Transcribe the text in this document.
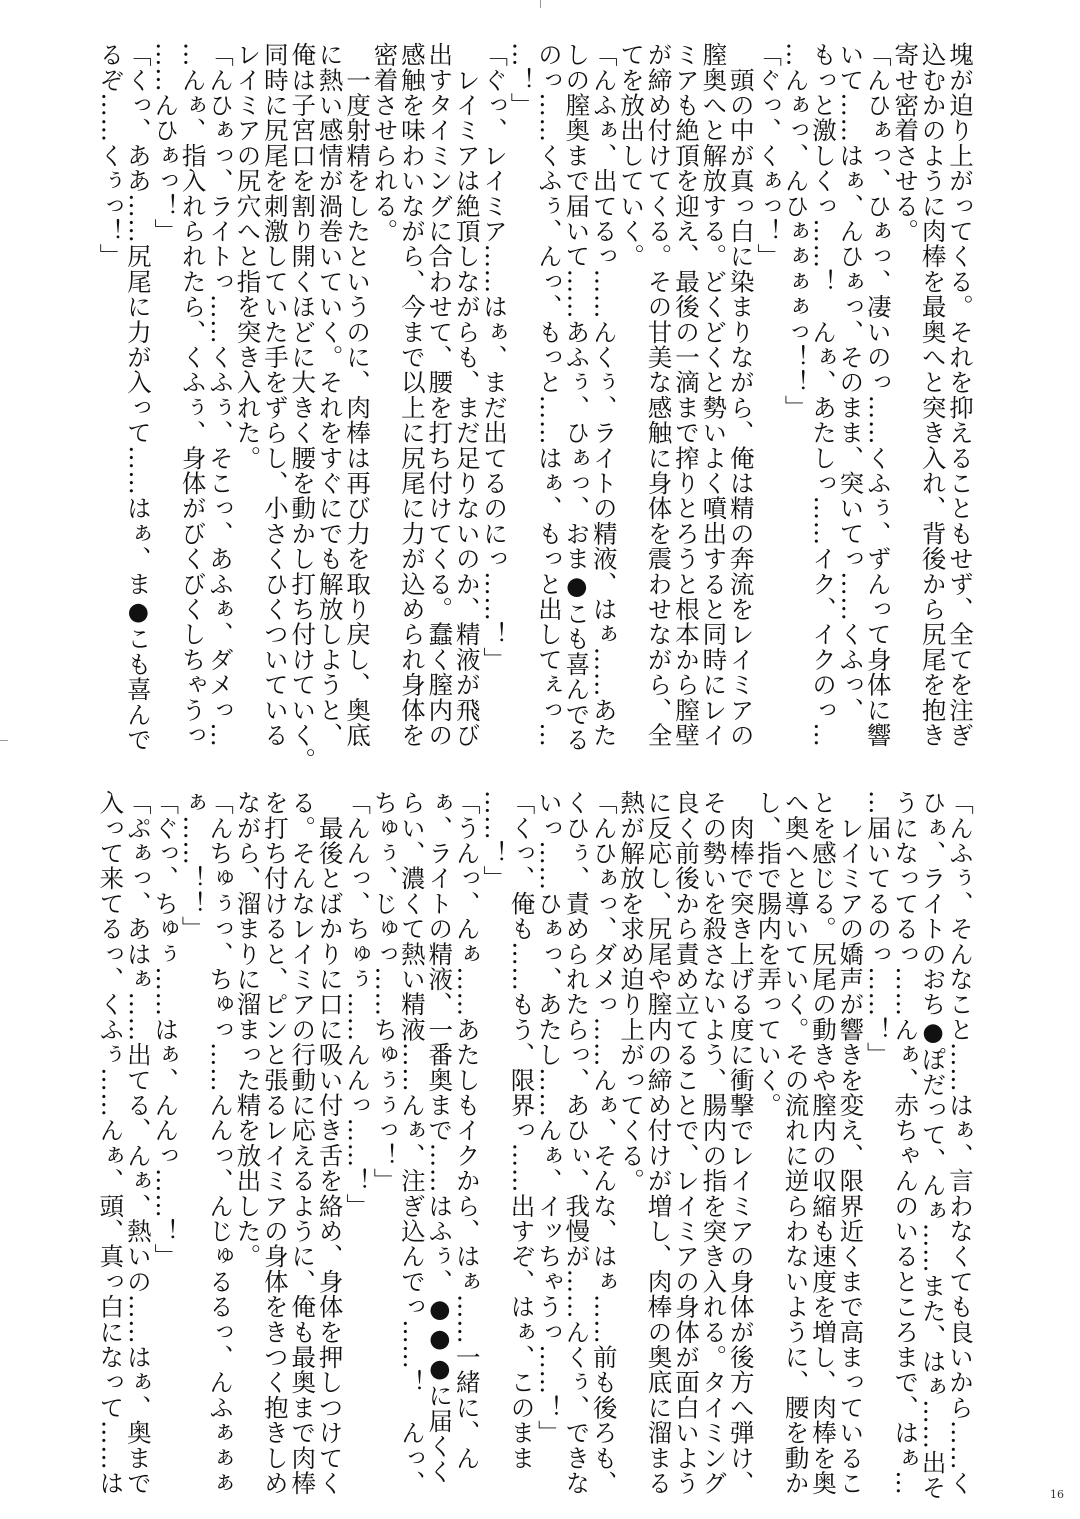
塊が迫り上がってくる。それを抑えることもせず、全てを注ぎ
込むかのように肉棒を最奥へと突き入れ、背後から尻尾を抱き
寄せ密着させる。
「んひぁっ、ひぁっ、凄いのっ……くふぅ、ずんって身体に響
いて……はぁ、んひぁっ、そのまま、突いてっ……くふっ、
もっと激しくっ……！　んぁ、あたしっ……イク、イクのっ…
…んぁっ、んひぁぁぁぁっ！！」
「ぐっ、くぁっ！」
　頭の中が真っ白に染まりながら、俺は精の奔流をレイミアの
膣奥へと解放する。どくどくと勢いよく噴出すると同時にレイ
ミアも絶頂を迎え、最後の一滴まで搾りとろうと根本から膣壁
が締め付けてくる。その甘美な感触に身体を震わせながら、全
てを放出していく。
「んふぁ、出てるっ……んくぅ、ライトの精液、はぁ……あた
しの膣奥まで届いて……あふぅ、ひぁっ、おま●こも喜んでる
のっ……くふぅ、んっ、もっと……はぁ、もっと出してぇっ…
…！」
「ぐっ、レイミア……はぁ、まだ出てるのにっ……！」
　レイミアは絶頂しながらも、まだ足りないのか、精液が飛び
出すタイミングに合わせて、腰を打ち付けてくる。蠢く膣内の
感触を味わいながら、今まで以上に尻尾に力が込められ身体を
密着させられる。
　一度射精をしたというのに、肉棒は再び力を取り戻し、奥底
に熱い感情が渦巻いていく。それをすぐにでも解放しようと、
俺は子宮口を割り開くほどに大きく腰を動かし打ち付けていく。
同時に尻尾を刺激していた手をずらし、小さくひくついている
レイミアの尻穴へと指を突き入れた。
「んひぁっ、ライトっ……くふぅ、そこっ、あふぁ、ダメっ…
…んぁ、指入れられたら、くふぅ、身体がびくびくしちゃうっ
……んひぁっ！」
「くっ、ああ……尻尾に力が入って……はぁ、ま●こも喜んで
るぞ……くぅっ！」
「んふぅ、そんなこと……はぁ、言わなくても良いから……く
ひぁ、ライトのおち●ぽだって、んぁ……また、はぁ……出そ
うになってるっ……んぁ、赤ちゃんのいるところまで、はぁ…
…届いてるのっ……！」
　レイミアの嬌声が響きを変え、限界近くまで高まっているこ
とを感じる。尻尾の動きや膣内の収縮も速度を増し、肉棒を奥
へ奥へと導いていく。その流れに逆らわないように、腰を動か
し、指で腸内を弄っていく。
　肉棒で突き上げる度に衝撃でレイミアの身体が後方へ弾け、
その勢いを殺さないよう、腸内の指を突き入れる。タイミング
良く前後から責め立てることで、レイミアの身体が面白いよう
に反応し、尻尾や膣内の締め付けが増し、肉棒の奥底に溜まる
熱が解放を求め迫り上がってくる。
「んひぁっ、ダメっ……んぁ、そんな、はぁ……前も後ろも、
くひぅ、責められたらっ、あひぃ、我慢が……んくぅ、できな
いっ……ひぁっ、あたし……んぁ、イッちゃうっ……！」
「くっ、俺も……もう、限界っ……出すぞ、はぁ、このまま
……！」
「うんっ、んぁ……あたしもイクから、はぁ……一緒に、ん
ぁ、ライトの精液、一番奥まで……はふぅ、●●●に届くく
らい、濃くて熱い精液……んぁ、注ぎ込んでっ……！　んっ、
ちゅぅ、じゅっ……ちゅぅぅっ！」
「んんっ、ちゅぅ……んんっ……！」
　最後とばかりに口に吸い付き舌を絡め、身体を押しつけてく
る。そんなレイミアの行動に応えるように、俺も最奥まで肉棒
を打ち付けると、ピンと張るレイミアの身体をきつく抱きしめ
ながら、溜まりに溜まった精を放出した。
「んちゅぅっ、ちゅっ……んんっ、んじゅるるっ、んふぁぁぁ
ぁ……！！」
「ぐっ、ちゅぅ……はぁ、んんっ……！」
「ぷぁっ、あはぁ……出てる、んぁ、熱いの……はぁ、奥まで
入って来てるっ、くふぅ……んぁ、頭、真っ白になって……は	16
